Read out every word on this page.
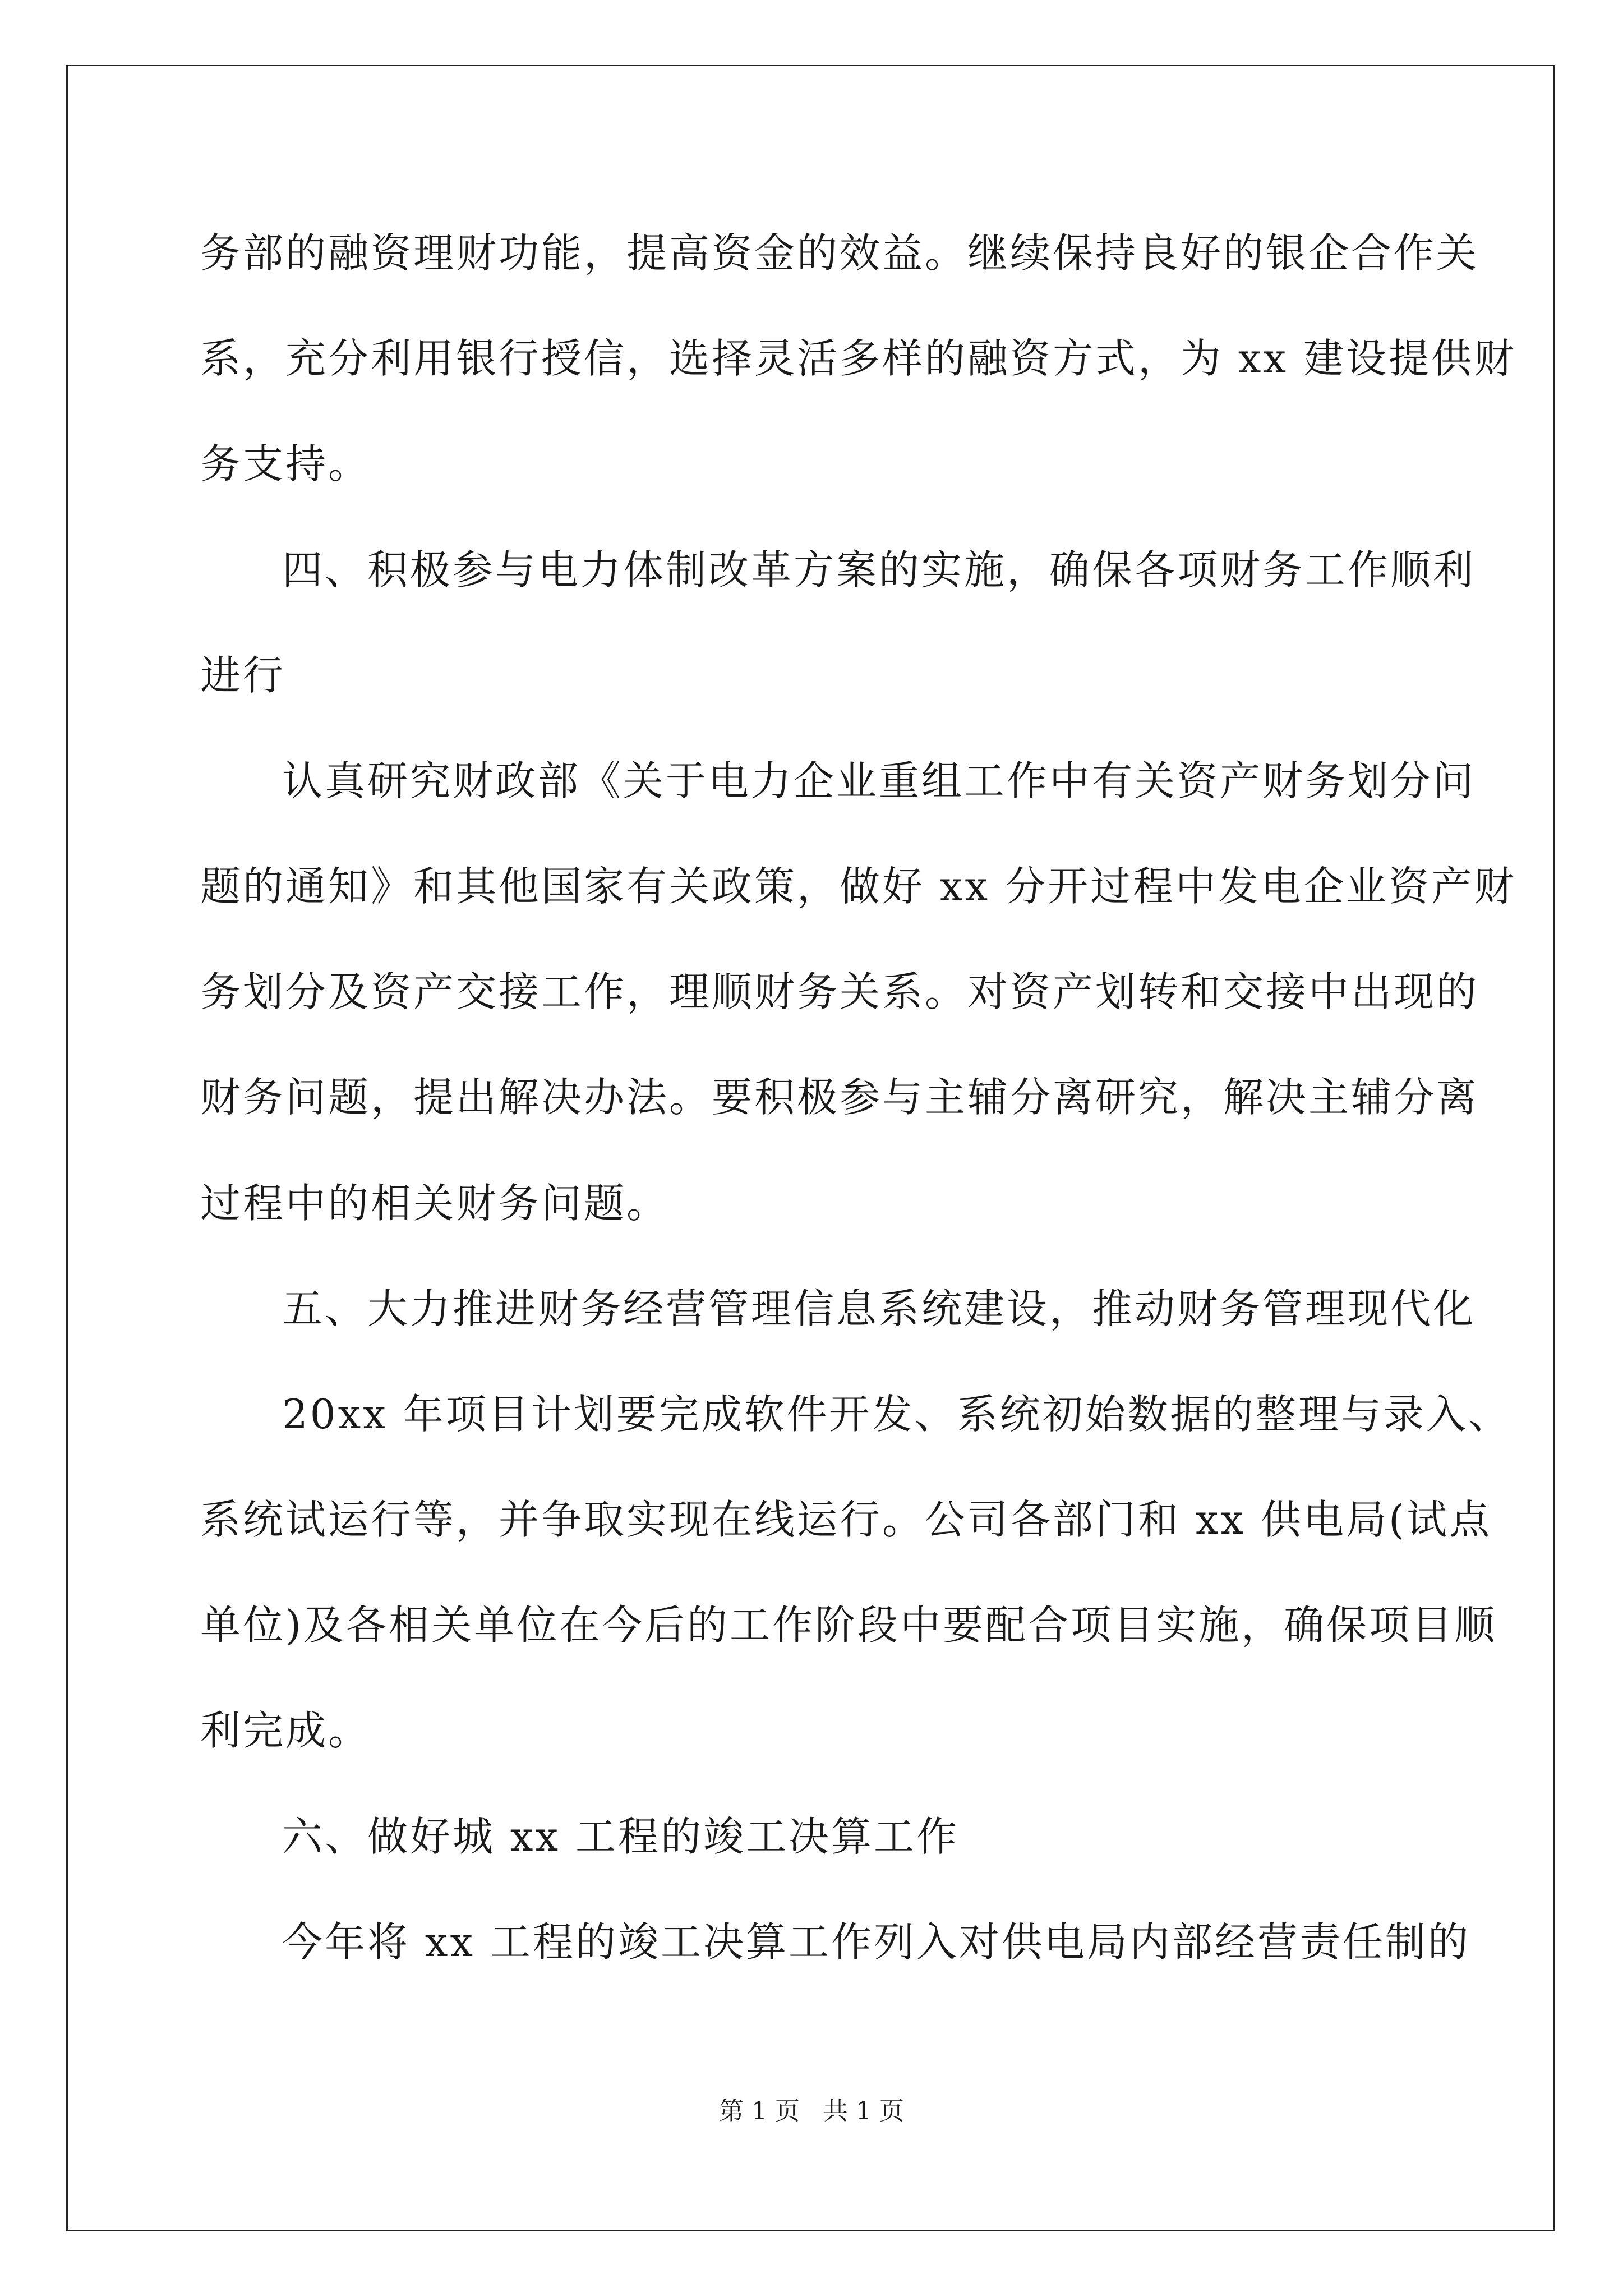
务部的融资理财功能，提高资金的效益。继续保持良好的银企合作关
系，充分利用银行授信，选择灵活多样的融资方式，为 xx 建设提供财
务支持。
四、积极参与电力体制改革方案的实施，确保各项财务工作顺利
进行
认真研究财政部《关于电力企业重组工作中有关资产财务划分问
题的通知》和其他国家有关政策，做好 xx 分开过程中发电企业资产财
务划分及资产交接工作，理顺财务关系。对资产划转和交接中出现的
财务问题，提出解决办法。要积极参与主辅分离研究，解决主辅分离
过程中的相关财务问题。
五、大力推进财务经营管理信息系统建设，推动财务管理现代化
20xx 年项目计划要完成软件开发、系统初始数据的整理与录入、
系统试运行等，并争取实现在线运行。公司各部门和 xx 供电局(试点
单位)及各相关单位在今后的工作阶段中要配合项目实施，确保项目顺
利完成。
六、做好城 xx 工程的竣工决算工作
今年将 xx 工程的竣工决算工作列入对供电局内部经营责任制的
第 1 页   共 1 页
